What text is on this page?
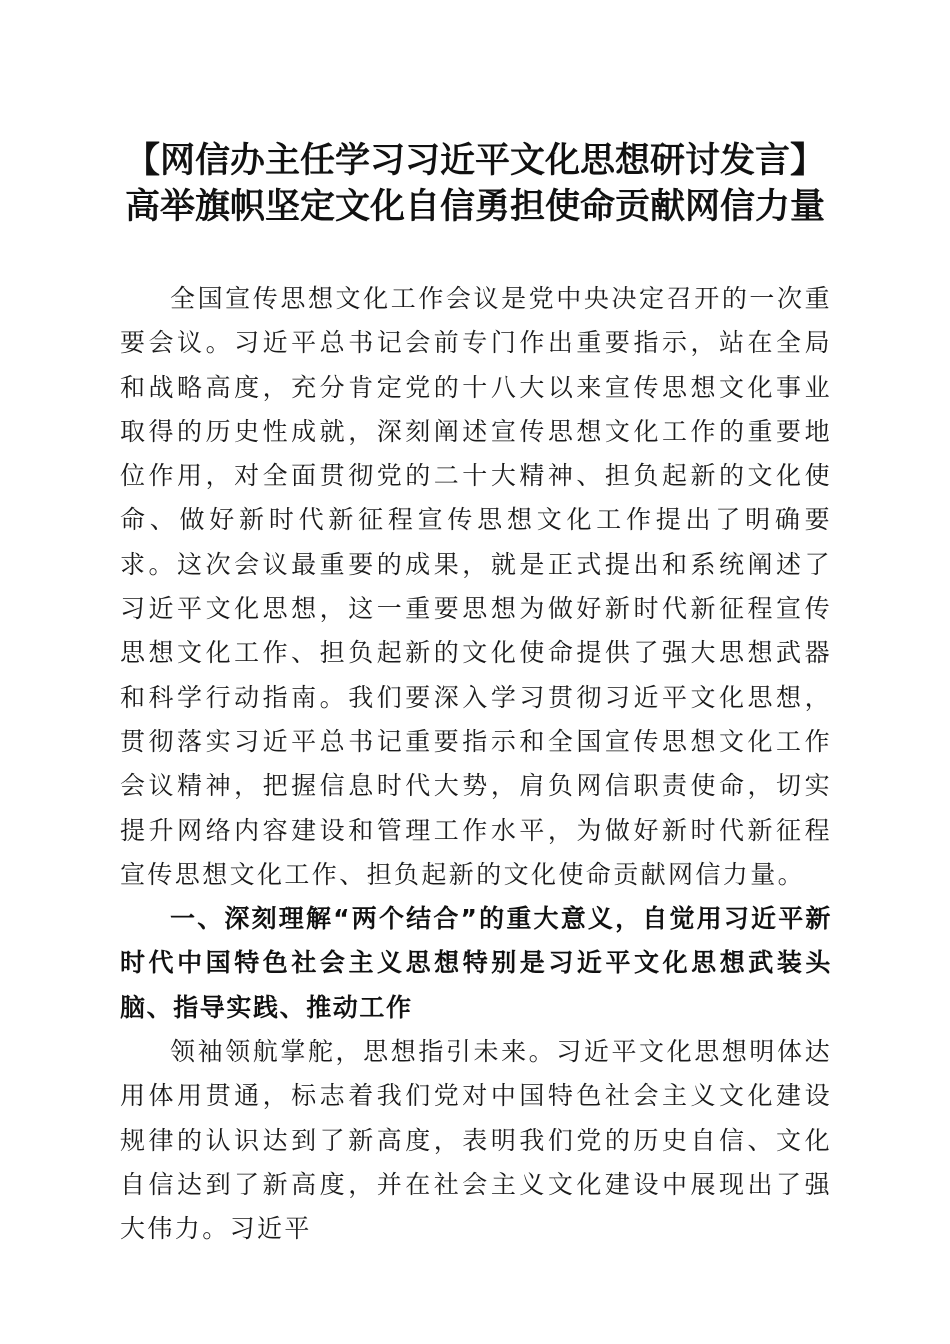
【网信办主任学习习近平文化思想研讨发言】
高举旗帜坚定文化自信勇担使命贡献网信力量

全国宣传思想文化工作会议是党中央决定召开的一次重要会议。习近平总书记会前专门作出重要指示，站在全局和战略高度，充分肯定党的十八大以来宣传思想文化事业取得的历史性成就，深刻阐述宣传思想文化工作的重要地位作用，对全面贯彻党的二十大精神、担负起新的文化使命、做好新时代新征程宣传思想文化工作提出了明确要求。这次会议最重要的成果，就是正式提出和系统阐述了习近平文化思想，这一重要思想为做好新时代新征程宣传思想文化工作、担负起新的文化使命提供了强大思想武器和科学行动指南。我们要深入学习贯彻习近平文化思想，贯彻落实习近平总书记重要指示和全国宣传思想文化工作会议精神，把握信息时代大势，肩负网信职责使命，切实提升网络内容建设和管理工作水平，为做好新时代新征程宣传思想文化工作、担负起新的文化使命贡献网信力量。

一、深刻理解“两个结合”的重大意义，自觉用习近平新时代中国特色社会主义思想特别是习近平文化思想武装头脑、指导实践、推动工作

领袖领航掌舵，思想指引未来。习近平文化思想明体达用体用贯通，标志着我们党对中国特色社会主义文化建设规律的认识达到了新高度，表明我们党的历史自信、文化自信达到了新高度，并在社会主义文化建设中展现出了强大伟力。习近平
